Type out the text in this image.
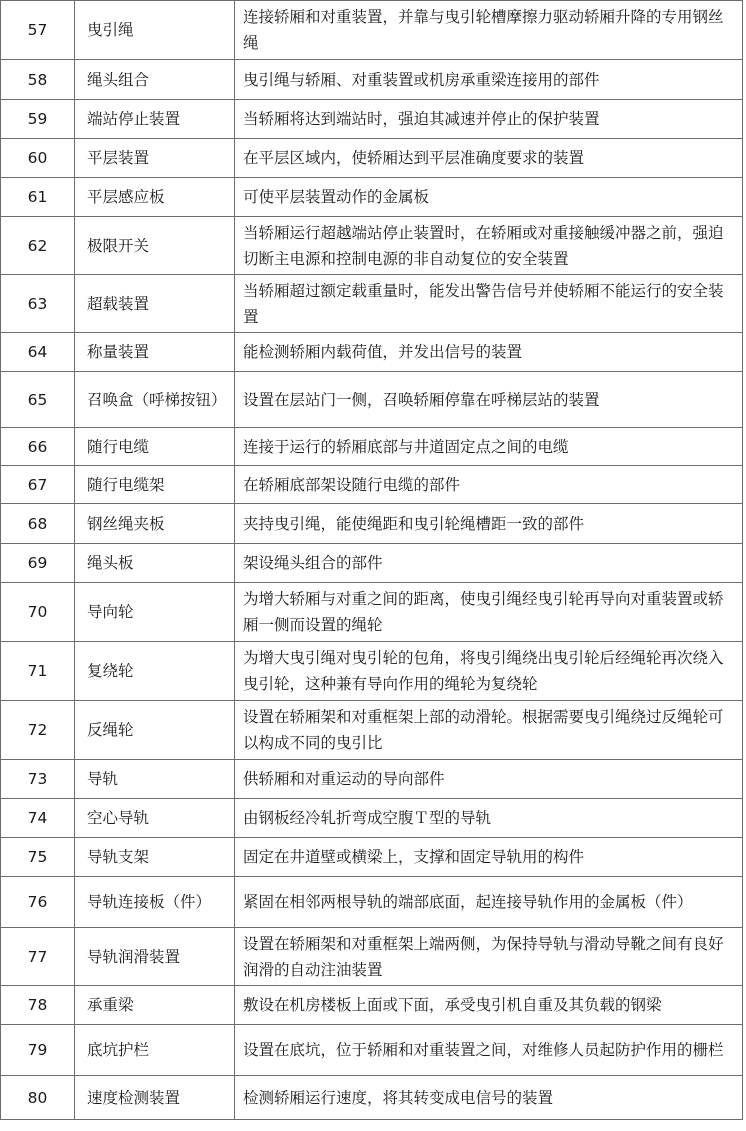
57	曳引绳	连接轿厢和对重装置，并靠与曳引轮槽摩擦力驱动轿厢升降的专用钢丝绳
58	绳头组合	曳引绳与轿厢、对重装置或机房承重梁连接用的部件
59	端站停止装置	当轿厢将达到端站时，强迫其减速并停止的保护装置
60	平层装置	在平层区域内，使轿厢达到平层准确度要求的装置
61	平层感应板	可使平层装置动作的金属板
62	极限开关	当轿厢运行超越端站停止装置时，在轿厢或对重接触缓冲器之前，强迫切断主电源和控制电源的非自动复位的安全装置
63	超载装置	当轿厢超过额定载重量时，能发出警告信号并使轿厢不能运行的安全装置
64	称量装置	能检测轿厢内载荷值，并发出信号的装置
65	召唤盒（呼梯按钮）	设置在层站门一侧，召唤轿厢停靠在呼梯层站的装置
66	随行电缆	连接于运行的轿厢底部与井道固定点之间的电缆
67	随行电缆架	在轿厢底部架设随行电缆的部件
68	钢丝绳夹板	夹持曳引绳，能使绳距和曳引轮绳槽距一致的部件
69	绳头板	架设绳头组合的部件
70	导向轮	为增大轿厢与对重之间的距离，使曳引绳经曳引轮再导向对重装置或轿厢一侧而设置的绳轮
71	复绕轮	为增大曳引绳对曳引轮的包角，将曳引绳绕出曳引轮后经绳轮再次绕入曳引轮，这种兼有导向作用的绳轮为复绕轮
72	反绳轮	设置在轿厢架和对重框架上部的动滑轮。根据需要曳引绳绕过反绳轮可以构成不同的曳引比
73	导轨	供轿厢和对重运动的导向部件
74	空心导轨	由钢板经冷轧折弯成空腹Ｔ型的导轨
75	导轨支架	固定在井道壁或横梁上，支撑和固定导轨用的构件
76	导轨连接板（件）	紧固在相邻两根导轨的端部底面，起连接导轨作用的金属板（件）
77	导轨润滑装置	设置在轿厢架和对重框架上端两侧，为保持导轨与滑动导靴之间有良好润滑的自动注油装置
78	承重梁	敷设在机房楼板上面或下面，承受曳引机自重及其负载的钢梁
79	底坑护栏	设置在底坑，位于轿厢和对重装置之间，对维修人员起防护作用的栅栏
80	速度检测装置	检测轿厢运行速度，将其转变成电信号的装置
